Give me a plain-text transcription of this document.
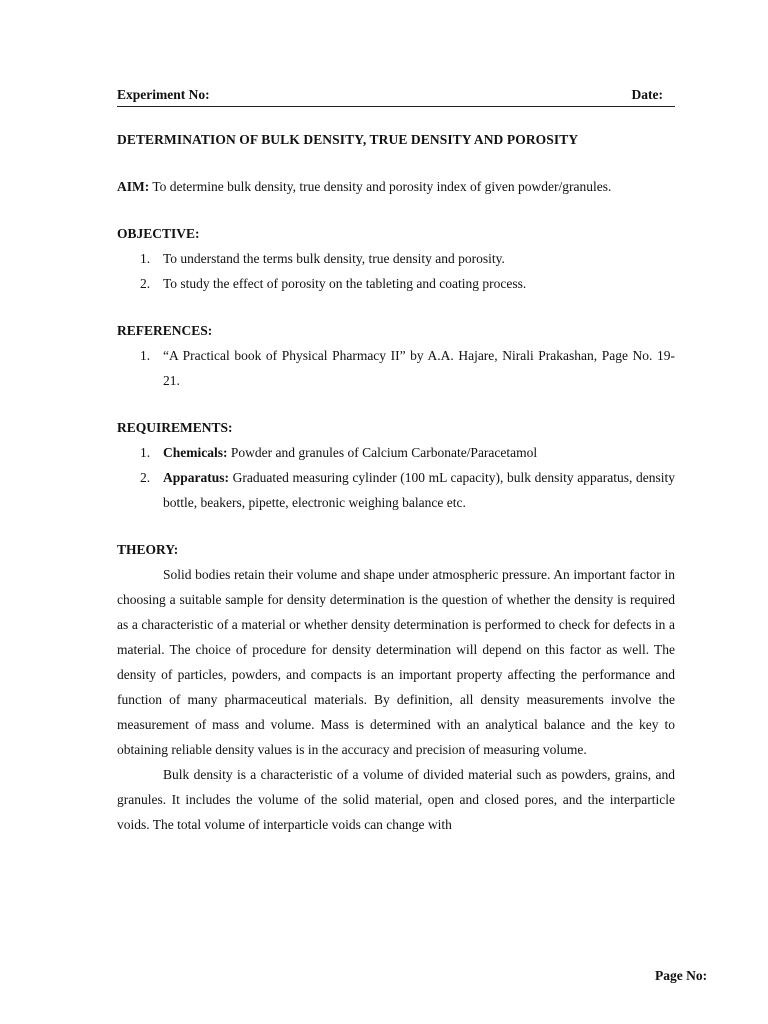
Experiment No:	Date:
DETERMINATION OF BULK DENSITY, TRUE DENSITY AND POROSITY
AIM: To determine bulk density, true density and porosity index of given powder/granules.
OBJECTIVE:
1. To understand the terms bulk density, true density and porosity.
2. To study the effect of porosity on the tableting and coating process.
REFERENCES:
1. “A Practical book of Physical Pharmacy II” by A.A. Hajare, Nirali Prakashan, Page No. 19-21.
REQUIREMENTS:
1. Chemicals: Powder and granules of Calcium Carbonate/Paracetamol
2. Apparatus: Graduated measuring cylinder (100 mL capacity), bulk density apparatus, density bottle, beakers, pipette, electronic weighing balance etc.
THEORY:

Solid bodies retain their volume and shape under atmospheric pressure. An important factor in choosing a suitable sample for density determination is the question of whether the density is required as a characteristic of a material or whether density determination is performed to check for defects in a material. The choice of procedure for density determination will depend on this factor as well. The density of particles, powders, and compacts is an important property affecting the performance and function of many pharmaceutical materials. By definition, all density measurements involve the measurement of mass and volume. Mass is determined with an analytical balance and the key to obtaining reliable density values is in the accuracy and precision of measuring volume.

Bulk density is a characteristic of a volume of divided material such as powders, grains, and granules. It includes the volume of the solid material, open and closed pores, and the interparticle voids. The total volume of interparticle voids can change with

Page No:
